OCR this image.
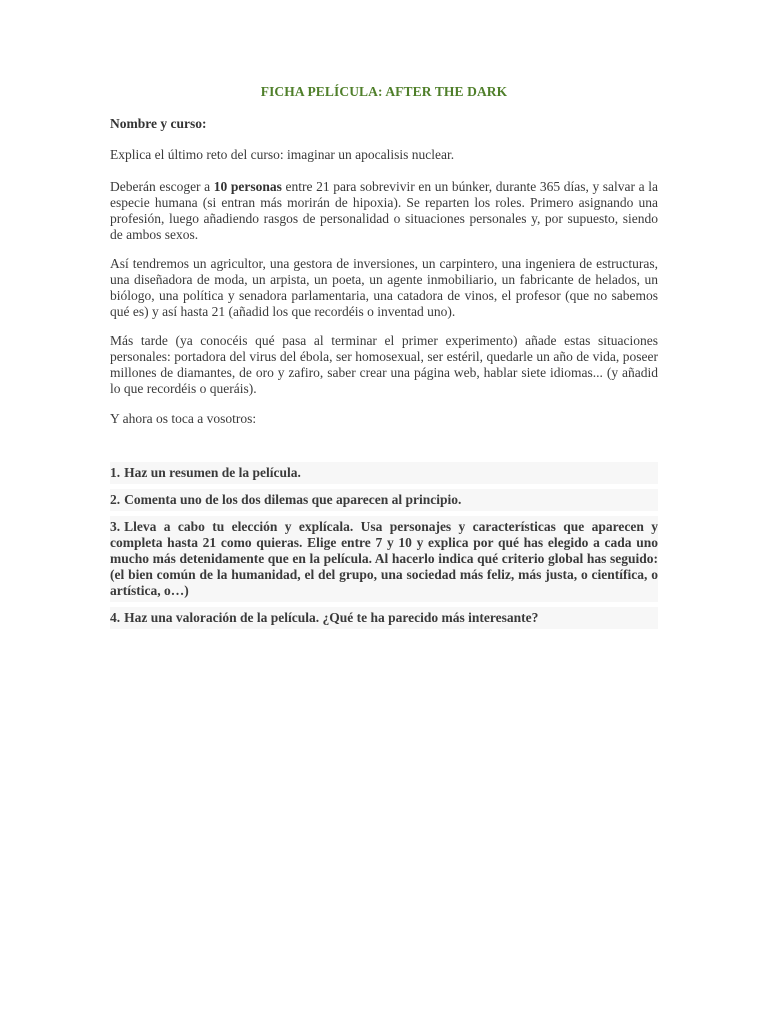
FICHA PELÍCULA: AFTER THE DARK
Nombre y curso:
Explica el último reto del curso: imaginar un apocalisis nuclear.
Deberán escoger a 10 personas entre 21 para sobrevivir en un búnker, durante 365 días, y salvar a la especie humana (si entran más morirán de hipoxia). Se reparten los roles. Primero asignando una profesión, luego añadiendo rasgos de personalidad o situaciones personales y, por supuesto, siendo de ambos sexos.
Así tendremos un agricultor, una gestora de inversiones, un carpintero, una ingeniera de estructuras, una diseñadora de moda, un arpista, un poeta, un agente inmobiliario, un fabricante de helados, un biólogo, una política y senadora parlamentaria, una catadora de vinos, el profesor (que no sabemos qué es) y así hasta 21 (añadid los que recordéis o inventad uno).
Más tarde (ya conocéis qué pasa al terminar el primer experimento) añade estas situaciones personales: portadora del virus del ébola, ser homosexual, ser estéril, quedarle un año de vida, poseer millones de diamantes, de oro y zafiro, saber crear una página web, hablar siete idiomas... (y añadid lo que recordéis o queráis).
Y ahora os toca a vosotros:
1. Haz un resumen de la película.
2. Comenta uno de los dos dilemas que aparecen al principio.
3. Lleva a cabo tu elección y explícala. Usa personajes y características que aparecen y completa hasta 21 como quieras. Elige entre 7 y 10 y explica por qué has elegido a cada uno mucho más detenidamente que en la película. Al hacerlo indica qué criterio global has seguido: (el bien común de la humanidad, el del grupo, una sociedad más feliz, más justa, o científica, o artística, o…)
4. Haz una valoración de la película. ¿Qué te ha parecido más interesante?
